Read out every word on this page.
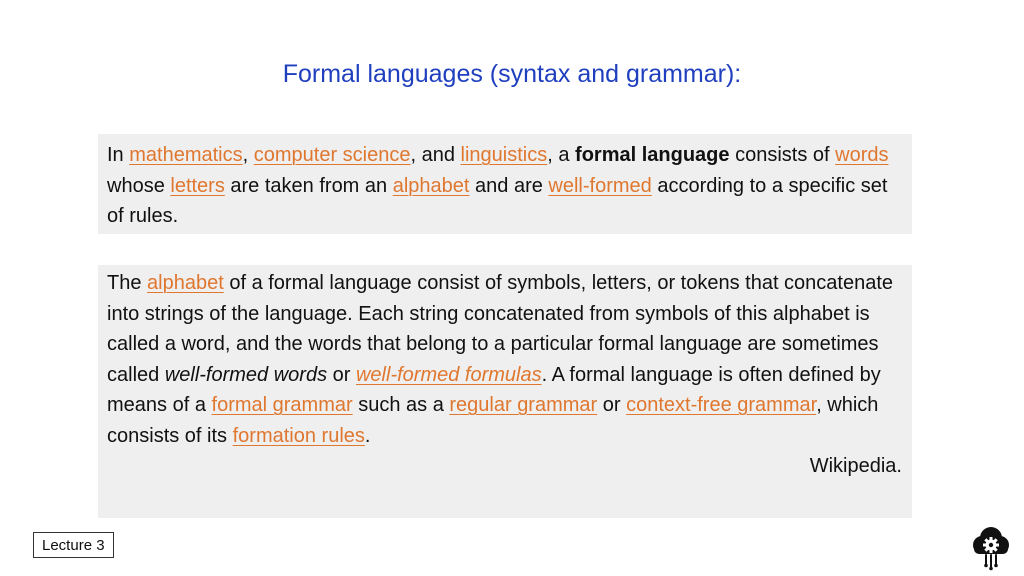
Formal languages (syntax and grammar):
In mathematics, computer science, and linguistics, a formal language consists of words whose letters are taken from an alphabet and are well-formed according to a specific set of rules.
The alphabet of a formal language consist of symbols, letters, or tokens that concatenate into strings of the language. Each string concatenated from symbols of this alphabet is called a word, and the words that belong to a particular formal language are sometimes called well-formed words or well-formed formulas. A formal language is often defined by means of a formal grammar such as a regular grammar or context-free grammar, which consists of its formation rules.
Wikipedia.
Lecture 3
